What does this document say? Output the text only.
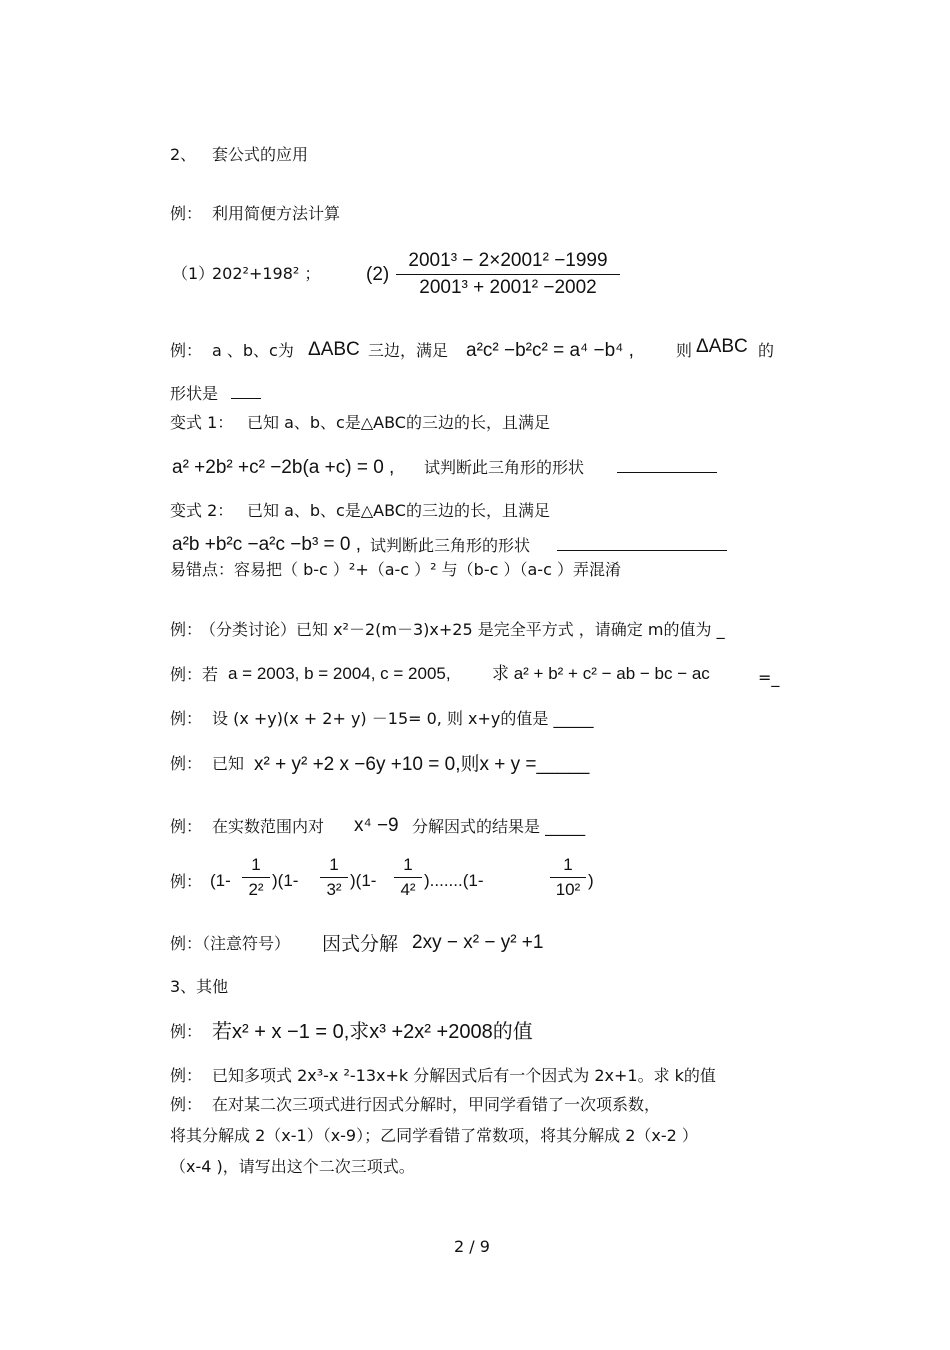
2、 套公式的应用
例： 利用简便方法计算
（1）
202²+198² ； (2)
2001³ − 2×2001² −1999
2001³ + 2001² −2002
例： a 、b、c为 ΔABC 三边，满足 a²c² −b²c² = a⁴ −b⁴ ,	则 ΔABC 的
形状是
变式 1： 已知 a、b、c是△ABC的三边的长，且满足
a² +2b² +c² −2b(a +c) = 0 , 试判断此三角形的形状
变式 2： 已知 a、b、c是△ABC的三边的长，且满足
a²b +b²c −a²c −b³ = 0 , 试判断此三角形的形状
易错点：容易把（ b-c ）²+（a-c ）² 与（b-c ）（a-c ）弄混淆
例：
（分类讨论）已知 x²－2(m－3)x+25 是完全平方式 ，请确定 m的值为 _
例：若 a = 2003, b = 2004, c = 2005, 求 a² + b² + c² − ab − bc − ac	=_
例： 设 (x +y)(x + 2+ y) －15= 0, 则 x+y的值是 _____
例： 已知 x² + y² +2 x −6y +10 = 0,则x + y =_____
例： 在实数范围内对 x⁴ −9 分解因式的结果是 _____
例： (1-
1
2² )(1-
1
3² )(1-
1
4² ).......(1-
1
10² )
例：（注意符号） 因式分解 2xy − x² − y² +1
3、其他
例： 若x² + x −1 = 0,求x³ +2x² +2008的值
例： 已知多项式 2x³-x ²-13x+k 分解因式后有一个因式为 2x+1。求 k的值
例： 在对某二次三项式进行因式分解时，甲同学看错了一次项系数，
将其分解成 2（x-1）（x-9）；乙同学看错了常数项，将其分解成 2（x-2 ）
（x-4 )，请写出这个二次三项式。
2 / 9
